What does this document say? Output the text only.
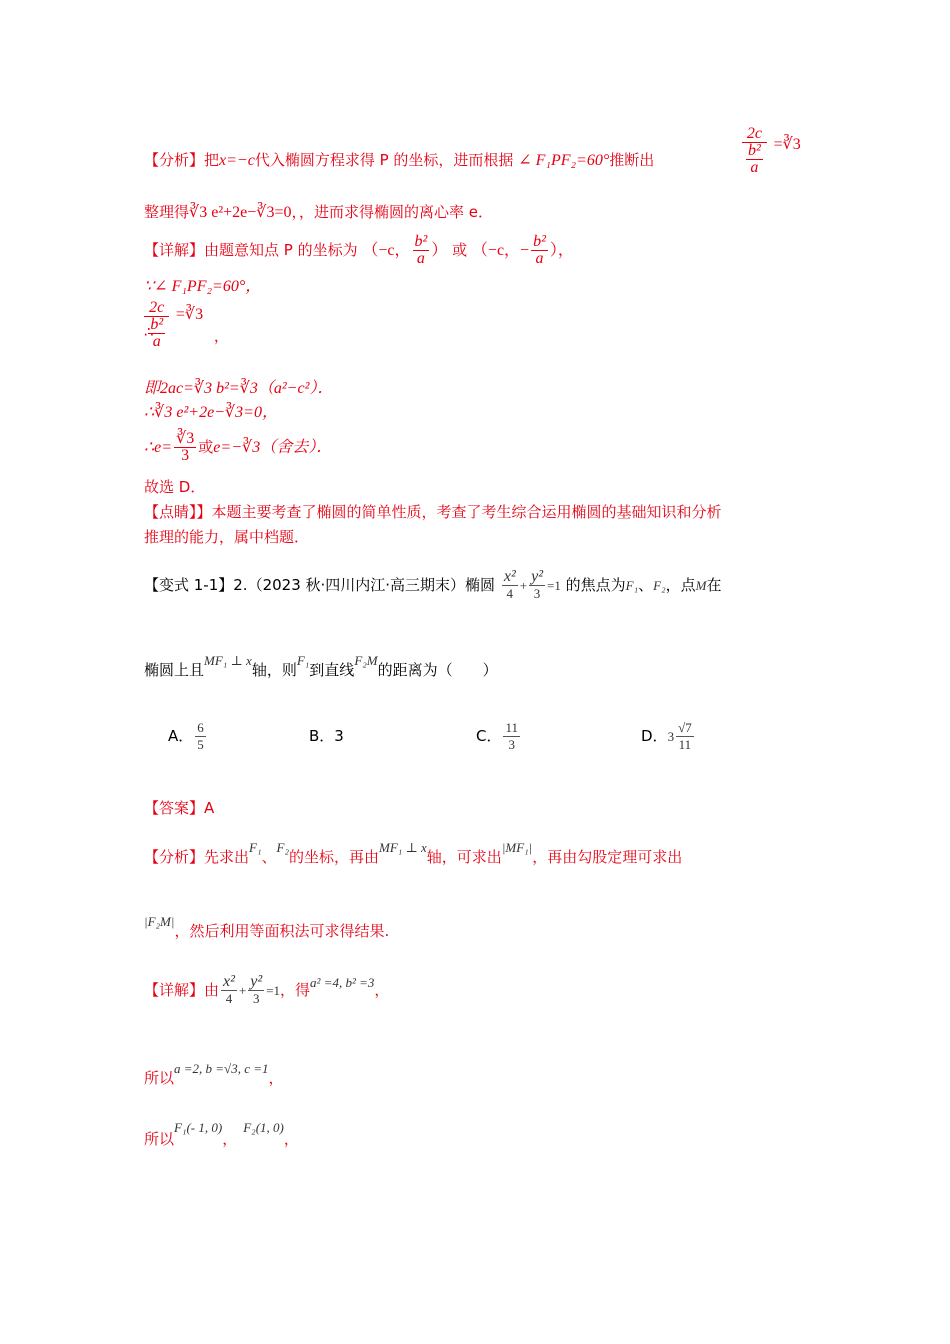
【分析】把x=−c代入椭圆方程求得 P 的坐标，进而根据 ∠ F₁PF₂=60°推断出	$\frac{2c}{\frac{\text{b²}}{a}}$ =∛3
整理得∛3 e²+2e−∛3=0，，进而求得椭圆的离心率 e．
【详解】由题意知点 P 的坐标为 （−c， $\frac{\text{b²}}{a}$ ） 或 （−c，− $\frac{\text{b²}}{a}$ ），
∵∠ F₁PF₂=60°，
∴
$\frac{2c}{\frac{\text{b²}}{a}}$ =∛3 ，
即2ac=∛3 b²=∛3（a²−c²）．
∴∛3 e²+2e−∛3=0，
∴e= $\frac{∛3}{3}$ 或e=−∛3（舍去）．
故选 D．
【点睛】】本题主要考查了椭圆的简单性质，考查了考生综合运用椭圆的基础知识和分析
推理的能力，属中档题．
【变式 1-1】2.（2023 秋·四川内江·高三期末）椭圆 $\frac{\text{x²}}{4} + \frac{\text{y²}}{3} =1$ 的焦点为F₁、F₂，点M在
椭圆上且MF₁ ⊥ x轴，则F₁到直线F₂M的距离为（　　）
A． $\frac{6}{5}$	B．3	C． $\frac{11}{3}$	D．$3 \frac{√7}{11}$
【答案】A
【分析】先求出F₁、F₂的坐标，再由MF₁ ⊥ x轴，可求出|MF₁|，再由勾股定理可求出
|F₂M|，然后利用等面积法可求得结果.
【详解】由 $\frac{\text{x²}}{4} + \frac{\text{y²}}{3} =1$，得a² =4, b² =3，
所以a =2, b =√3, c =1，
所以F₁(- 1, 0)，F₂(1, 0)，
